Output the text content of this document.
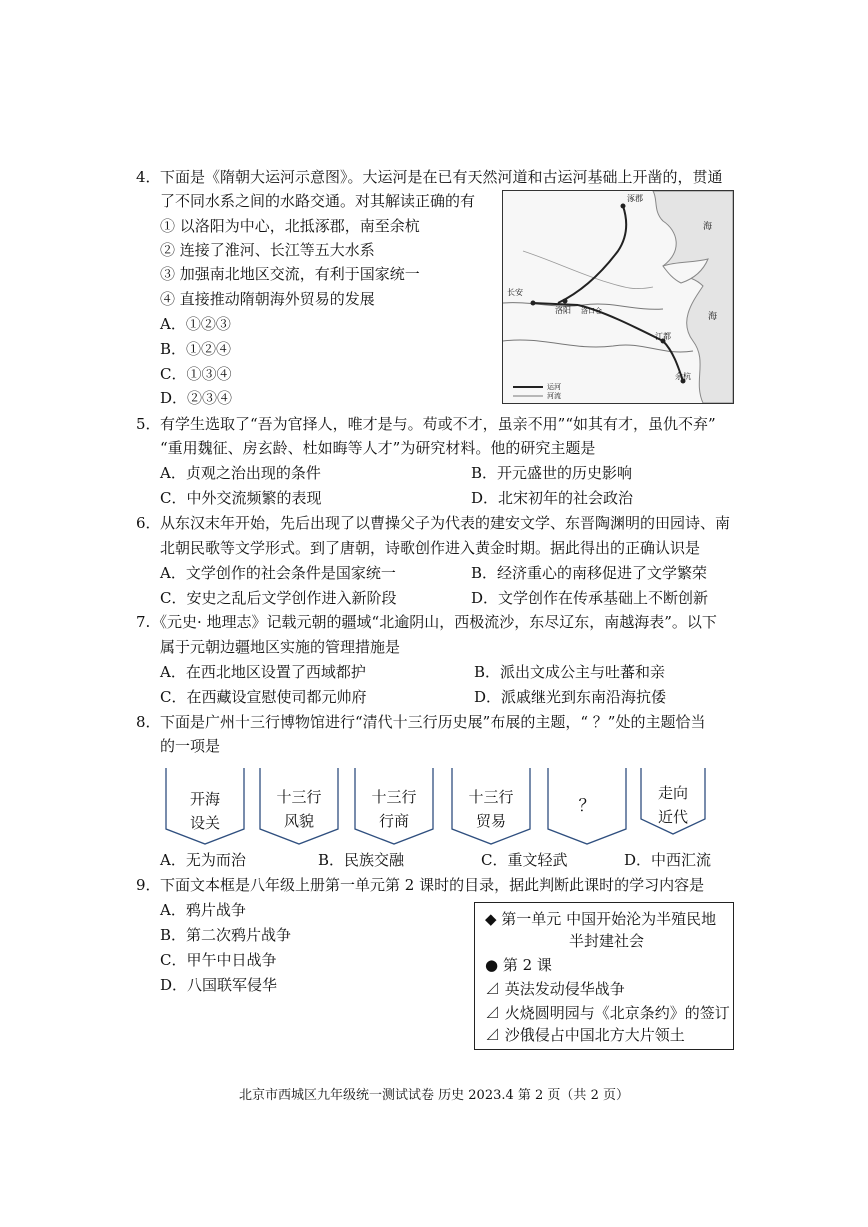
4． 下面是《隋朝大运河示意图》。大运河是在已有天然河道和古运河基础上开凿的，贯通
了不同水系之间的水路交通。对其解读正确的有
① 以洛阳为中心，北抵涿郡，南至余杭
② 连接了淮河、长江等五大水系
③ 加强南北地区交流，有利于国家统一
④ 直接推动隋朝海外贸易的发展
A．①②③
B．①②④
C．①③④
D．②③④
涿郡
长安
洛阳 洛口仓
江都
余杭
海
海
运河
河流
5． 有学生选取了“吾为官择人，唯才是与。苟或不才，虽亲不用”“如其有才，虽仇不弃”
“重用魏征、房玄龄、杜如晦等人才”为研究材料。他的研究主题是
A．贞观之治出现的条件	B．开元盛世的历史影响
C．中外交流频繁的表现	D．北宋初年的社会政治
6． 从东汉末年开始，先后出现了以曹操父子为代表的建安文学、东晋陶渊明的田园诗、南
北朝民歌等文学形式。到了唐朝，诗歌创作进入黄金时期。据此得出的正确认识是
A．文学创作的社会条件是国家统一	B．经济重心的南移促进了文学繁荣
C．安史之乱后文学创作进入新阶段	D．文学创作在传承基础上不断创新
7. 《元史· 地理志》记载元朝的疆域“北逾阴山，西极流沙，东尽辽东，南越海表”。以下
属于元朝边疆地区实施的管理措施是
A．在西北地区设置了西域都护	B．派出文成公主与吐蕃和亲
C．在西藏设宣慰使司都元帅府	D．派戚继光到东南沿海抗倭
8． 下面是广州十三行博物馆进行“清代十三行历史展”布展的主题，“ ？”处的主题恰当
的一项是
开海
设关
十三行
风貌
十三行
行商
十三行
贸易
？
走向
近代
A．无为而治	B．民族交融	C．重文轻武	D．中西汇流
9． 下面文本框是八年级上册第一单元第 2 课时的目录，据此判断此课时的学习内容是
A．鸦片战争
B．第二次鸦片战争
C．甲午中日战争
D．八国联军侵华
◆ 第一单元 中国开始沦为半殖民地
半封建社会
● 第 2 课
⊿ 英法发动侵华战争
⊿ 火烧圆明园与《北京条约》的签订
⊿ 沙俄侵占中国北方大片领土
北京市西城区九年级统一测试试卷 历史 2023.4 第 2 页（共 2 页）
